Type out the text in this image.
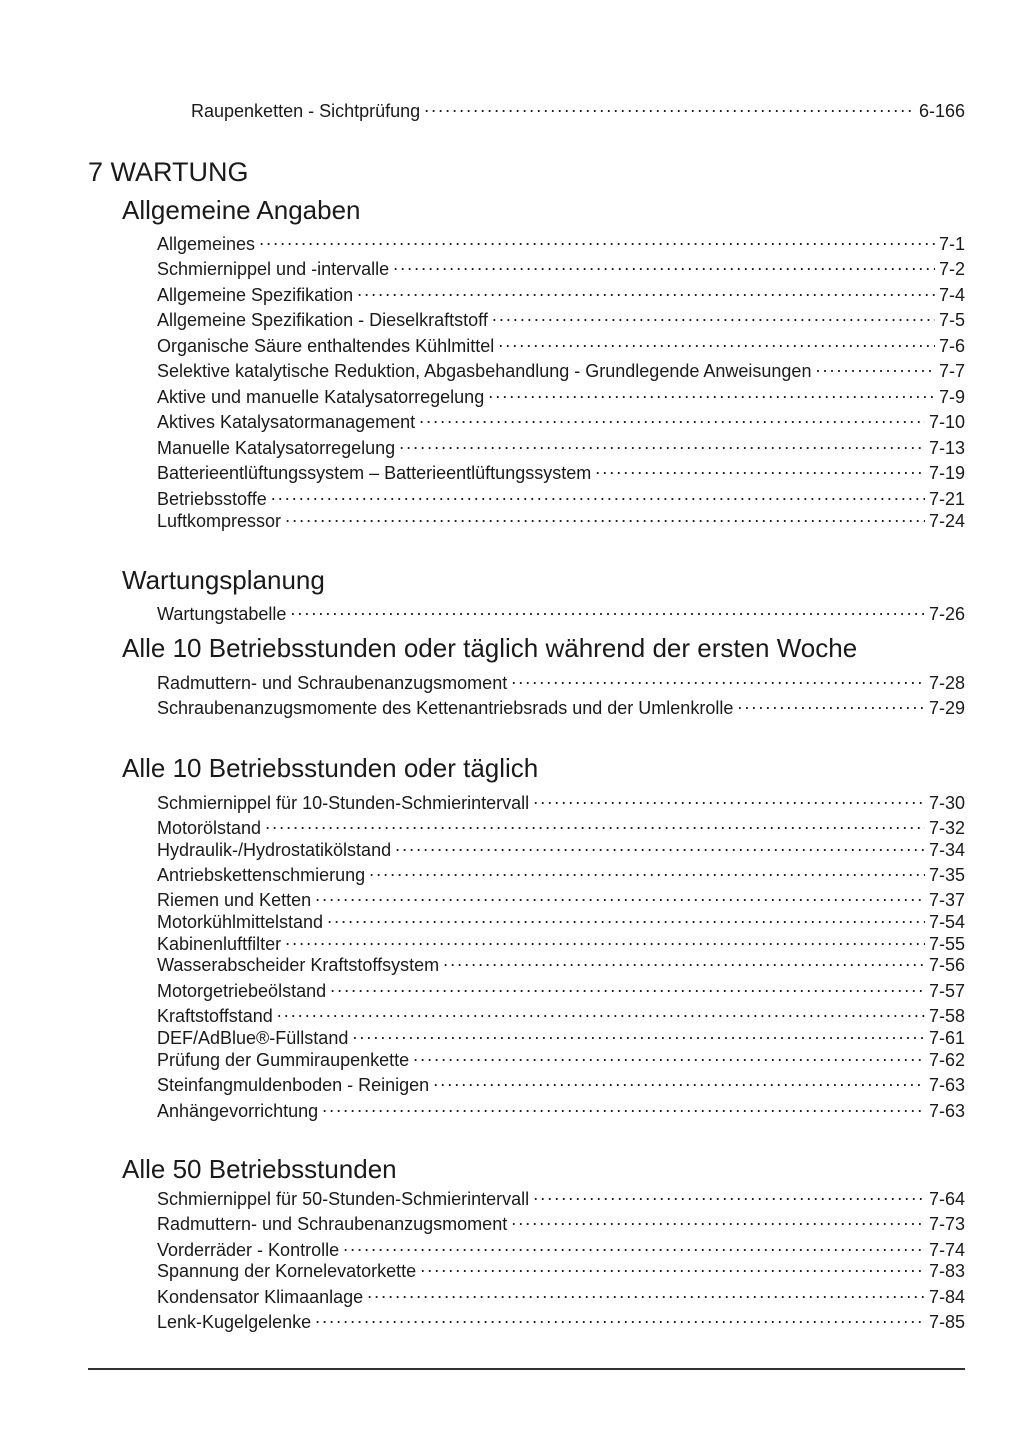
Raupenketten - Sichtprüfung . . .	6-166
7 WARTUNG
Allgemeine Angaben
Allgemeines . . .	7-1
Schmiernippel und -intervalle . . .	7-2
Allgemeine Spezifikation . . .	7-4
Allgemeine Spezifikation - Dieselkraftstoff . . .	7-5
Organische Säure enthaltendes Kühlmittel . . .	7-6
Selektive katalytische Reduktion, Abgasbehandlung - Grundlegende Anweisungen . . .	7-7
Aktive und manuelle Katalysatorregelung . . .	7-9
Aktives Katalysatormanagement . . .	7-10
Manuelle Katalysatorregelung . . .	7-13
Batterieentlüftungssystem – Batterieentlüftungssystem . . .	7-19
Betriebsstoffe . . .	7-21
Luftkompressor . . .	7-24
Wartungsplanung
Wartungstabelle . . .	7-26
Alle 10 Betriebsstunden oder täglich während der ersten Woche
Radmuttern- und Schraubenanzugsmoment . . .	7-28
Schraubenanzugsmomente des Kettenantriebsrads und der Umlenkrolle . . .	7-29
Alle 10 Betriebsstunden oder täglich
Schmiernippel für 10-Stunden-Schmierintervall . . .	7-30
Motorölstand . . .	7-32
Hydraulik-/Hydrostatikölstand . . .	7-34
Antriebskettenschmierung . . .	7-35
Riemen und Ketten . . .	7-37
Motorkühlmittelstand . . .	7-54
Kabinenluftfilter . . .	7-55
Wasserabscheider Kraftstoffsystem . . .	7-56
Motorgetriebeölstand . . .	7-57
Kraftstoffstand . . .	7-58
DEF/AdBlue®-Füllstand . . .	7-61
Prüfung der Gummiraupenkette . . .	7-62
Steinfangmuldenboden - Reinigen . . .	7-63
Anhängevorrichtung . . .	7-63
Alle 50 Betriebsstunden
Schmiernippel für 50-Stunden-Schmierintervall . . .	7-64
Radmuttern- und Schraubenanzugsmoment . . .	7-73
Vorderräder - Kontrolle . . .	7-74
Spannung der Kornelevatorkette . . .	7-83
Kondensator Klimaanlage . . .	7-84
Lenk-Kugelgelenke . . .	7-85
